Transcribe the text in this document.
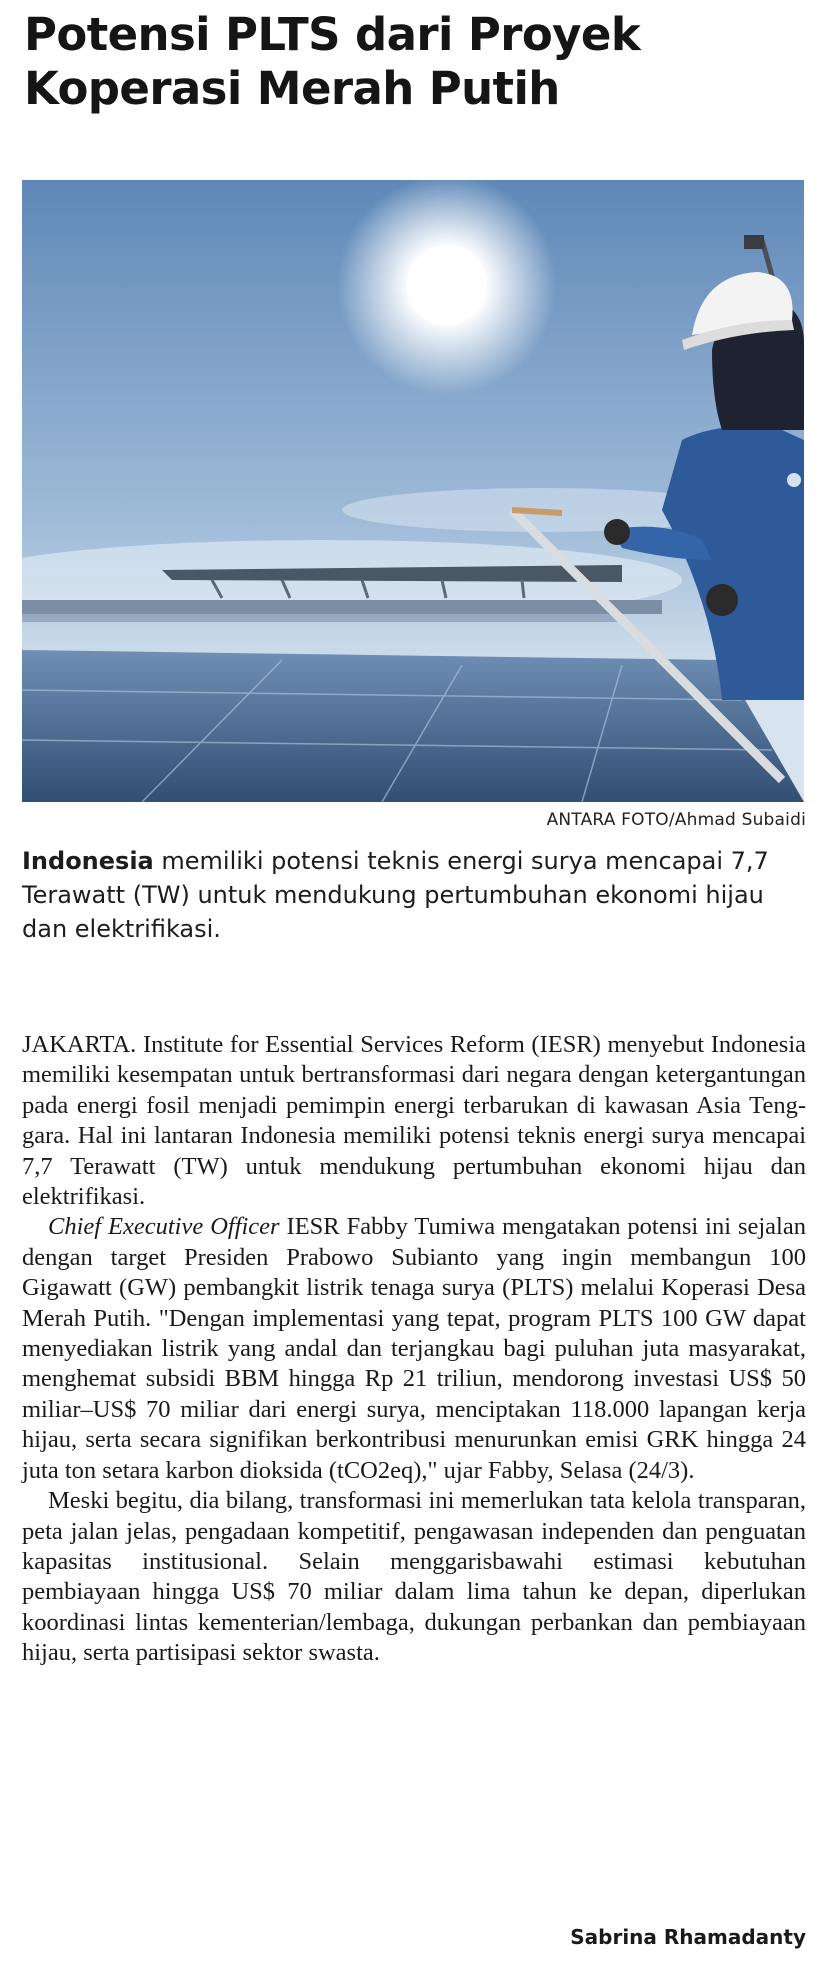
Potensi PLTS dari Proyek Koperasi Merah Putih
ANTARA FOTO/Ahmad Subaidi
Indonesia memiliki potensi teknis energi surya mencapai 7,7 Terawatt (TW) untuk mendukung pertumbuhan ekonomi hijau dan elektrifikasi.

JAKARTA. Institute for Essential Services Reform (IESR) menyebut Indonesia memiliki kesempatan untuk bertransformasi dari negara dengan ketergantungan pada energi fosil menjadi pemimpin energi terbarukan di kawasan Asia Tenggara. Hal ini lantaran Indonesia memiliki potensi teknis energi surya mencapai 7,7 Terawatt (TW) untuk mendukung pertumbuhan ekonomi hijau dan elektrifikasi.

Chief Executive Officer IESR Fabby Tumiwa mengatakan potensi ini sejalan dengan target Presiden Prabowo Subianto yang ingin membangun 100 Gigawatt (GW) pembangkit listrik tenaga surya (PLTS) melalui Koperasi Desa Merah Putih. "Dengan implementasi yang tepat, program PLTS 100 GW dapat menyediakan listrik yang andal dan terjangkau bagi puluhan juta masyarakat, menghemat subsidi BBM hingga Rp 21 triliun, mendorong investasi US$ 50 miliar–US$ 70 miliar dari energi surya, menciptakan 118.000 lapangan kerja hijau, serta secara signifikan berkontribusi menurunkan emisi GRK hingga 24 juta ton setara karbon dioksida (tCO2eq)," ujar Fabby, Selasa (24/3).

Meski begitu, dia bilang, transformasi ini memerlukan tata kelola transparan, peta jalan jelas, pengadaan kompetitif, pengawasan independen dan penguatan kapasitas institusional. Selain menggarisbawahi estimasi kebutuhan pembiayaan hingga US$ 70 miliar dalam lima tahun ke depan, diperlukan koordinasi lintas kementerian/lembaga, dukungan perbankan dan pembiayaan hijau, serta partisipasi sektor swasta.

Sabrina Rhamadanty
